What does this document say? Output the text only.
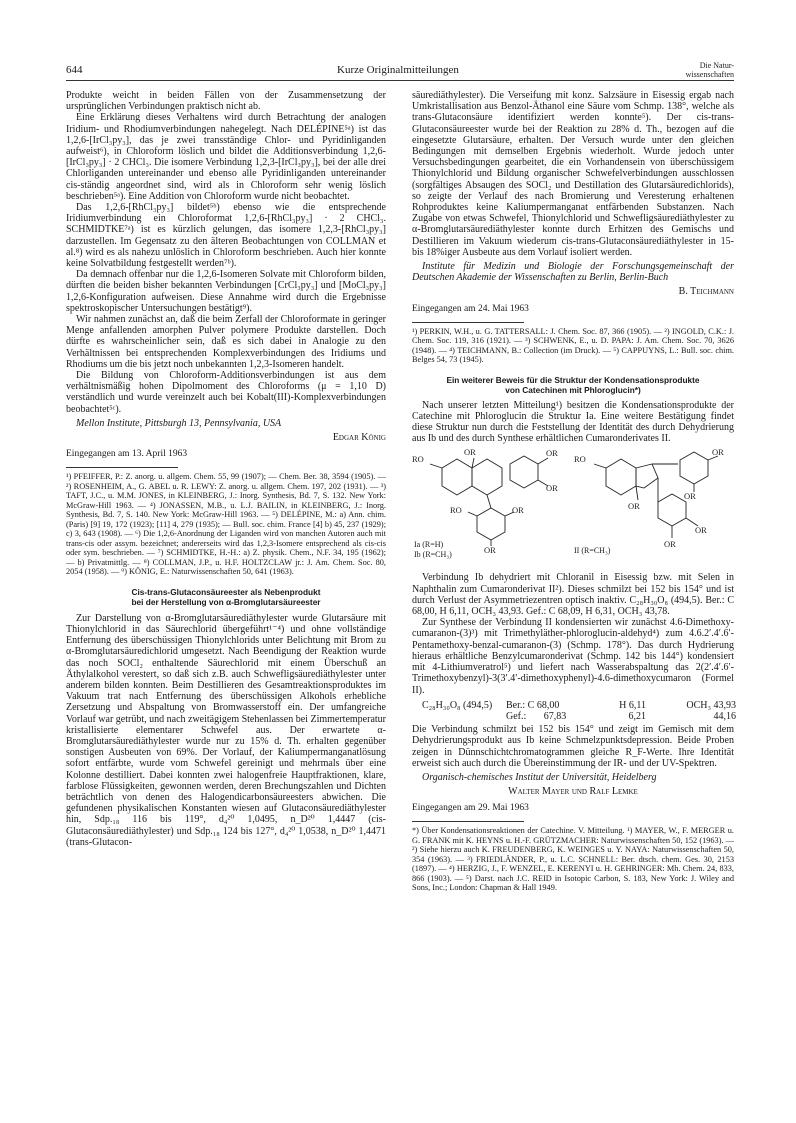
644	Kurze Originalmitteilungen	Die Natur-
wissenschaften

Produkte weicht in beiden Fällen von der Zusammensetzung der ursprünglichen Verbindungen praktisch nicht ab.

Eine Erklärung dieses Verhaltens wird durch Betrachtung der analogen Iridium- und Rhodiumverbindungen nahegelegt. Nach DELÉPINE⁵ᵃ) ist das 1,2,6-[IrCl₃py₃], das je zwei transständige Chlor- und Pyridinliganden aufweist⁶), in Chloroform löslich und bildet die Additionsverbindung 1,2,6-[IrCl₃py₃] · 2 CHCl₃. Die isomere Verbindung 1,2,3-[IrCl₃py₃], bei der alle drei Chlorliganden untereinander und ebenso alle Pyridinliganden untereinander cis-ständig angeordnet sind, wird als in Chloroform sehr wenig löslich beschrieben⁵ᵃ). Eine Addition von Chloroform wurde nicht beobachtet.

Das 1,2,6-[RhCl₃py₃] bildet⁵ᵇ) ebenso wie die entsprechende Iridiumverbindung ein Chloroformat 1,2,6-[RhCl₃py₃] · 2 CHCl₃. SCHMIDTKE⁷ᵃ) ist es kürzlich gelungen, das isomere 1,2,3-[RhCl₃py₃] darzustellen. Im Gegensatz zu den älteren Beobachtungen von COLLMAN et al.⁸) wird es als nahezu unlöslich in Chloroform beschrieben. Auch hier konnte keine Solvatbildung festgestellt werden⁷ᵇ).

Da demnach offenbar nur die 1,2,6-Isomeren Solvate mit Chloroform bilden, dürften die beiden bisher bekannten Verbindungen [CrCl₃py₃] und [MoCl₃py₃] 1,2,6-Konfiguration aufweisen. Diese Annahme wird durch die Ergebnisse spektroskopischer Untersuchungen bestätigt⁹).

Wir nahmen zunächst an, daß die beim Zerfall der Chloroformate in geringer Menge anfallenden amorphen Pulver polymere Produkte darstellen. Doch dürfte es wahrscheinlicher sein, daß es sich dabei in Analogie zu den Verhältnissen bei entsprechenden Komplexverbindungen des Iridiums und Rhodiums um die bis jetzt noch unbekannten 1,2,3-Isomeren handelt.

Die Bildung von Chloroform-Additionsverbindungen ist aus dem verhältnismäßig hohen Dipolmoment des Chloroforms (μ = 1,10 D) verständlich und wurde vereinzelt auch bei Kobalt(III)-Komplexverbindungen beobachtet⁵ᶜ).

Mellon Institute, Pittsburgh 13, Pennsylvania, USA
Edgar König
Eingegangen am 13. April 1963

¹) PFEIFFER, P.: Z. anorg. u. allgem. Chem. 55, 99 (1907); — Chem. Ber. 38, 3594 (1905). — ²) ROSENHEIM, A., G. ABEL u. R. LEWY: Z. anorg. u. allgem. Chem. 197, 202 (1931). — ³) TAFT, J.C., u. M.M. JONES, in KLEINBERG, J.: Inorg. Synthesis, Bd. 7, S. 132. New York: McGraw-Hill 1963. — ⁴) JONASSEN, M.B., u. L.J. BAILIN, in KLEINBERG, J.: Inorg. Synthesis, Bd. 7, S. 140. New York: McGraw-Hill 1963. — ⁵) DELÉPINE, M.: a) Ann. chim. (Paris) [9] 19, 172 (1923); [11] 4, 279 (1935); — Bull. soc. chim. France [4] b) 45, 237 (1929); c) 3, 643 (1908). — ⁶) Die 1,2,6-Anordnung der Liganden wird von manchen Autoren auch mit trans-cis oder assym. bezeichnet; andererseits wird das 1,2,3-Isomere entsprechend als cis-cis oder sym. beschrieben. — ⁷) SCHMIDTKE, H.-H.: a) Z. physik. Chem., N.F. 34, 195 (1962); — b) Privatmittlg. — ⁸) COLLMAN, J.P., u. H.F. HOLTZCLAW jr.: J. Am. Chem. Soc. 80, 2054 (1958). — ⁹) KÖNIG, E.: Naturwissenschaften 50, 641 (1963).

Cis-trans-Glutaconsäureester als Nebenprodukt

bei der Herstellung von α-Bromglutarsäureester

Zur Darstellung von α-Bromglutarsäurediäthylester wurde Glutarsäure mit Thionylchlorid in das Säurechlorid übergeführt¹⁻⁴) und ohne vollständige Entfernung des überschüssigen Thionylchlorids unter Belichtung mit Brom zu α-Bromglutarsäuredichlorid umgesetzt. Nach Beendigung der Reaktion wurde das noch SOCl₂ enthaltende Säurechlorid mit einem Überschuß an Äthylalkohol verestert, so daß sich z.B. auch Schwefligsäurediäthylester unter anderem bilden konnten. Beim Destillieren des Gesamtreaktionsproduktes im Vakuum trat nach Entfernung des überschüssigen Alkohols erhebliche Zersetzung und Abspaltung von Bromwasserstoff ein. Der umfangreiche Vorlauf war getrübt, und nach zweitägigem Stehenlassen bei Zimmertemperatur kristallisierte elementarer Schwefel aus. Der erwartete α-Bromglutarsäurediäthylester wurde nur zu 15% d. Th. erhalten gegenüber sonstigen Ausbeuten von 69%. Der Vorlauf, der Kaliumpermanganatlösung sofort entfärbte, wurde vom Schwefel gereinigt und mehrmals über eine Kolonne destilliert. Dabei konnten zwei halogenfreie Hauptfraktionen, klare, farblose Flüssigkeiten, gewonnen werden, deren Brechungszahlen und Dichten beträchtlich von denen des Halogendicarbonsäureesters abwichen. Die gefundenen physikalischen Konstanten wiesen auf Glutaconsäurediäthylester hin, Sdp.₁₈ 116 bis 119°, d₄²⁰ 1,0495, n_D²⁰ 1,4447 (cis-Glutaconsäurediäthylester) und Sdp.₁₈ 124 bis 127°, d₄²⁰ 1,0538, n_D²⁰ 1,4471 (trans-Glutacon-

säurediäthylester). Die Verseifung mit konz. Salzsäure in Eisessig ergab nach Umkristallisation aus Benzol-Äthanol eine Säure vom Schmp. 138°, welche als trans-Glutaconsäure identifiziert werden konnte⁵). Der cis-trans-Glutaconsäureester wurde bei der Reaktion zu 28% d. Th., bezogen auf die eingesetzte Glutarsäure, erhalten. Der Versuch wurde unter den gleichen Bedingungen mit demselben Ergebnis wiederholt. Wurde jedoch unter Versuchsbedingungen gearbeitet, die ein Vorhandensein von überschüssigem Thionylchlorid und Bildung organischer Schwefelverbindungen ausschlossen (sorgfältiges Absaugen des SOCl₂ und Destillation des Glutarsäuredichlorids), so zeigte der Verlauf des nach Bromierung und Veresterung erhaltenen Rohproduktes keine Kaliumpermanganat entfärbenden Substanzen. Nach Zugabe von etwas Schwefel, Thionylchlorid und Schwefligsäurediäthylester zu α-Bromglutarsäurediäthylester konnte durch Erhitzen des Gemischs und Destillieren im Vakuum wiederum cis-trans-Glutaconsäurediäthylester in 15- bis 18%iger Ausbeute aus dem Vorlauf isoliert werden.

Institute für Medizin und Biologie der Forschungsgemeinschaft der Deutschen Akademie der Wissenschaften zu Berlin, Berlin-Buch
B. Teichmann
Eingegangen am 24. Mai 1963

¹) PERKIN, W.H., u. G. TATTERSALL: J. Chem. Soc. 87, 366 (1905). — ²) INGOLD, C.K.: J. Chem. Soc. 119, 316 (1921). — ³) SCHWENK, E., u. D. PAPA: J. Am. Chem. Soc. 70, 3626 (1948). — ⁴) TEICHMANN, B.: Collection (im Druck). — ⁵) CAPPUYNS, L.: Bull. soc. chim. Belges 54, 73 (1945).

Ein weiterer Beweis für die Struktur der Kondensationsprodukte

von Catechinen mit Phloroglucin*)

Nach unserer letzten Mitteilung¹) besitzen die Kondensationsprodukte der Catechine mit Phloroglucin die Struktur Ia. Eine weitere Bestätigung findet diese Struktur nun durch die Feststellung der Identität des durch Dehydrierung aus Ib und des durch Synthese erhältlichen Cumaronderivates II.

RO
OR	OR
OR
RO	OR
OR
Ia (R=H)
Ib (R=CH₃)
RO
OR
OR
OR
OR
OR
II (R=CH₃)

Verbindung Ib dehydriert mit Chloranil in Eisessig bzw. mit Selen in Naphthalin zum Cumaronderivat II²). Dieses schmilzt bei 152 bis 154° und ist durch Verlust der Asymmetriezentren optisch inaktiv. C₂₈H₃₀O₈ (494,5). Ber.: C 68,00, H 6,11, OCH₃ 43,93. Gef.: C 68,09, H 6,31, OCH₃ 43,78.

Zur Synthese der Verbindung II kondensierten wir zunächst 4.6-Dimethoxy-cumaranon-(3)³) mit Trimethyläther-phloroglucin-aldehyd⁴) zum 4.6.2′.4′.6′-Pentamethoxy-benzal-cumaranon-(3) (Schmp. 178°). Das durch Hydrierung hieraus erhältliche Benzylcumaronderivat (Schmp. 142 bis 144°) kondensiert mit 4-Lithiumveratrol⁵) und liefert nach Wasserabspaltung das 2(2′.4′.6′-Trimethoxybenzyl)-3(3′.4′-dimethoxyphenyl)-4.6-dimethoxycumaron (Formel II).

C₂₈H₃₀O₈ (494,5)	Ber.: C 68,00	H 6,11	OCH₃ 43,93
Gef.:       67,83	6,21	44,16

Die Verbindung schmilzt bei 152 bis 154° und zeigt im Gemisch mit dem Dehydrierungsprodukt aus Ib keine Schmelzpunktsdepression. Beide Proben zeigen in Dünnschichtchromatogrammen gleiche R_F-Werte. Ihre Identität erweist sich auch durch die Übereinstimmung der IR- und der UV-Spektren.

Organisch-chemisches Institut der Universität, Heidelberg
Walter Mayer und Ralf Lemke
Eingegangen am 29. Mai 1963

*) Über Kondensationsreaktionen der Catechine. V. Mitteilung. ¹) MAYER, W., F. MERGER u. G. FRANK mit K. HEYNS u. H.-F. GRÜTZMACHER: Naturwissenschaften 50, 152 (1963). — ²) Siehe hierzu auch K. FREUDENBERG, K. WEINGES u. Y. NAYA: Naturwissenschaften 50, 354 (1963). — ³) FRIEDLÄNDER, P., u. L.C. SCHNELL: Ber. dtsch. chem. Ges. 30, 2153 (1897). — ⁴) HERZIG, J., F. WENZEL, E. KERENYI u. H. GEHRINGER: Mh. Chem. 24, 833, 866 (1903). — ⁵) Darst. nach J.C. REID in Isotopic Carbon, S. 183, New York: J. Wiley and Sons, Inc.; London: Chapman & Hall 1949.
